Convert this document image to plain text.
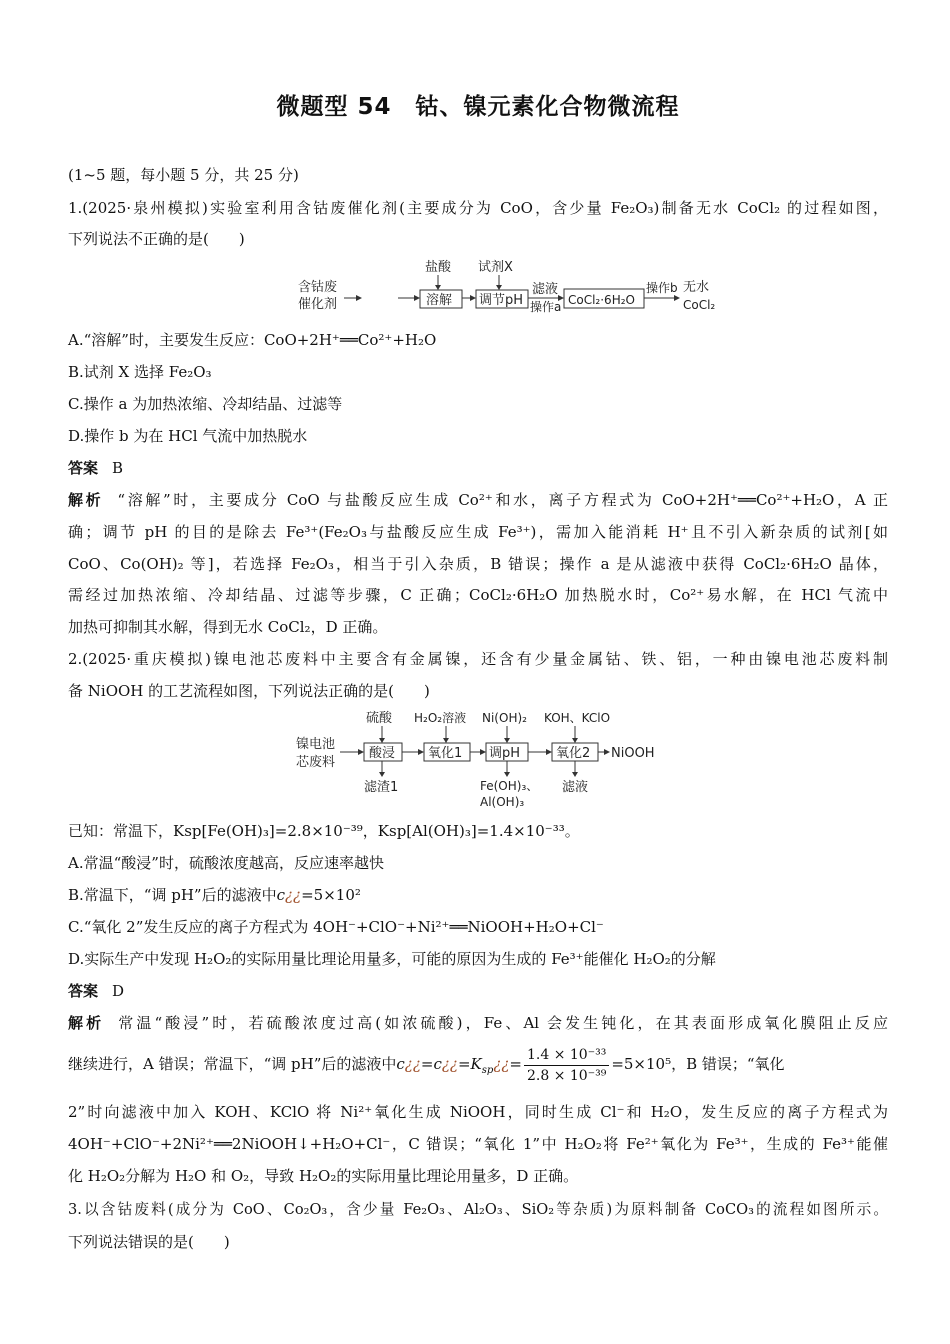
微题型 54　钴、镍元素化合物微流程
(1~5 题，每小题 5 分，共 25 分)
1.(2025·泉州模拟)实验室利用含钴废催化剂(主要成分为 CoO，含少量 Fe₂O₃)制备无水 CoCl₂ 的过程如图，
下列说法不正确的是(　　)
含钴废
催化剂
盐酸
溶解
试剂X
调节pH
滤液
操作a CoCl₂·6H₂O
操作b 无水
CoCl₂
A.“溶解”时，主要发生反应：CoO+2H⁺══Co²⁺+H₂O
B.试剂 X 选择 Fe₂O₃
C.操作 a 为加热浓缩、冷却结晶、过滤等
D.操作 b 为在 HCl 气流中加热脱水
答案 B
解析 “溶解”时，主要成分 CoO 与盐酸反应生成 Co²⁺和水，离子方程式为 CoO+2H⁺══Co²⁺+H₂O，A 正
确；调节 pH 的目的是除去 Fe³⁺(Fe₂O₃与盐酸反应生成 Fe³⁺)，需加入能消耗 H⁺且不引入新杂质的试剂[如
CoO、Co(OH)₂ 等]，若选择 Fe₂O₃，相当于引入杂质，B 错误；操作 a 是从滤液中获得 CoCl₂·6H₂O 晶体，
需经过加热浓缩、冷却结晶、过滤等步骤，C 正确；CoCl₂·6H₂O 加热脱水时，Co²⁺易水解，在 HCl 气流中
加热可抑制其水解，得到无水 CoCl₂，D 正确。
2.(2025·重庆模拟)镍电池芯废料中主要含有金属镍，还含有少量金属钴、铁、铝，一种由镍电池芯废料制
备 NiOOH 的工艺流程如图，下列说法正确的是(　　)
镍电池
芯废料
硫酸
酸浸
滤渣1
H₂O₂溶液
氧化1
Ni(OH)₂
调pH
Fe(OH)₃、
Al(OH)₃
KOH、KClO
氧化2
滤液
NiOOH
已知：常温下，Ksp[Fe(OH)₃]=2.8×10⁻³⁹，Ksp[Al(OH)₃]=1.4×10⁻³³。
A.常温“酸浸”时，硫酸浓度越高，反应速率越快
B.常温下，“调 pH”后的滤液中c¿¿=5×10²
C.“氧化 2”发生反应的离子方程式为 4OH⁻+ClO⁻+Ni²⁺══NiOOH+H₂O+Cl⁻
D.实际生产中发现 H₂O₂的实际用量比理论用量多，可能的原因为生成的 Fe³⁺能催化 H₂O₂的分解
答案 D
解析 常温“酸浸”时，若硫酸浓度过高(如浓硫酸)，Fe、Al 会发生钝化，在其表面形成氧化膜阻止反应
继续进行，A 错误；常温下，“调 pH”后的滤液中$c¿¿=c¿¿=K_{sp}¿¿= \frac{\text{1.4 × 10⁻³³}}{\text{2.8 × 10⁻³⁹}} =5\times 10^5$，B 错误；“氧化
2”时向滤液中加入 KOH、KClO 将 Ni²⁺氧化生成 NiOOH，同时生成 Cl⁻和 H₂O，发生反应的离子方程式为
4OH⁻+ClO⁻+2Ni²⁺══2NiOOH↓+H₂O+Cl⁻，C 错误；“氧化 1”中 H₂O₂将 Fe²⁺氧化为 Fe³⁺，生成的 Fe³⁺能催
化 H₂O₂分解为 H₂O 和 O₂，导致 H₂O₂的实际用量比理论用量多，D 正确。
3.以含钴废料(成分为 CoO、Co₂O₃，含少量 Fe₂O₃、Al₂O₃、SiO₂等杂质)为原料制备 CoCO₃的流程如图所示。
下列说法错误的是(　　)
